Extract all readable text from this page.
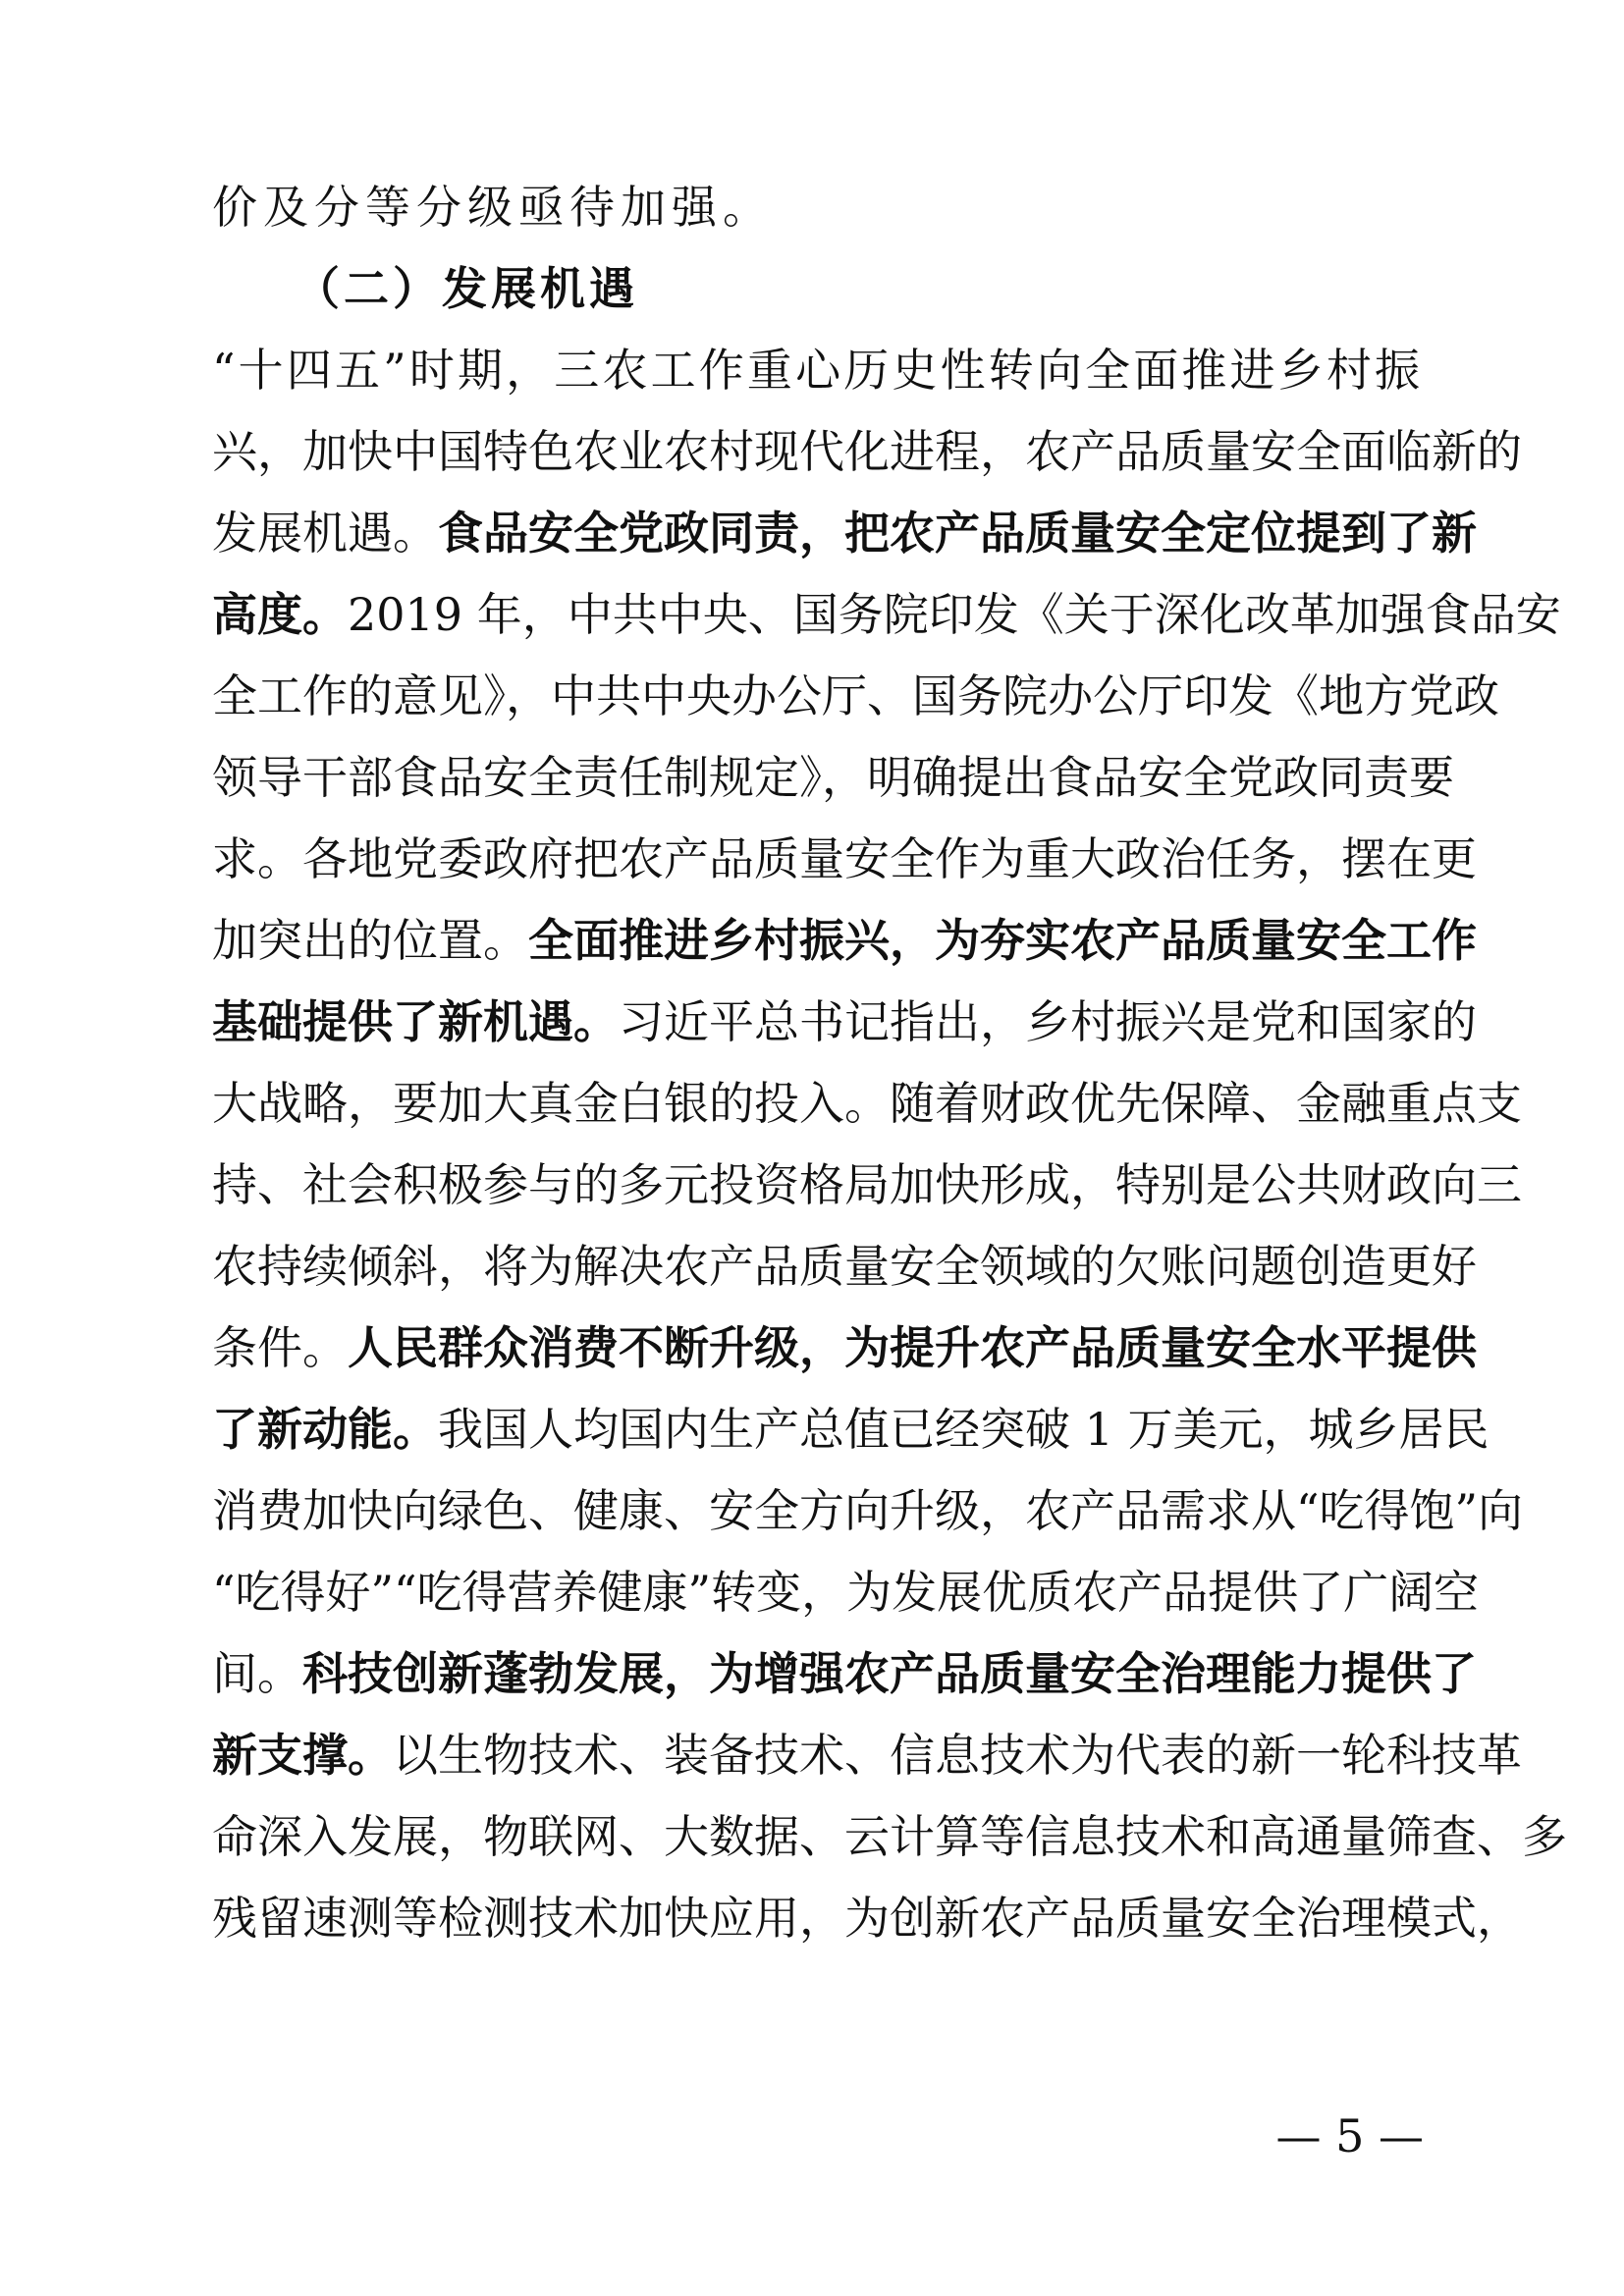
价及分等分级亟待加强。
（二）发展机遇
“十四五”时期，三农工作重心历史性转向全面推进乡村振
兴，加快中国特色农业农村现代化进程，农产品质量安全面临新的
发展机遇。食品安全党政同责，把农产品质量安全定位提到了新
高度。2019 年，中共中央、国务院印发《关于深化改革加强食品安
全工作的意见》，中共中央办公厅、国务院办公厅印发《地方党政
领导干部食品安全责任制规定》，明确提出食品安全党政同责要
求。各地党委政府把农产品质量安全作为重大政治任务，摆在更
加突出的位置。全面推进乡村振兴，为夯实农产品质量安全工作
基础提供了新机遇。习近平总书记指出，乡村振兴是党和国家的
大战略，要加大真金白银的投入。随着财政优先保障、金融重点支
持、社会积极参与的多元投资格局加快形成，特别是公共财政向三
农持续倾斜，将为解决农产品质量安全领域的欠账问题创造更好
条件。人民群众消费不断升级，为提升农产品质量安全水平提供
了新动能。我国人均国内生产总值已经突破 1 万美元，城乡居民
消费加快向绿色、健康、安全方向升级，农产品需求从“吃得饱”向
“吃得好”“吃得营养健康”转变，为发展优质农产品提供了广阔空
间。科技创新蓬勃发展，为增强农产品质量安全治理能力提供了
新支撑。以生物技术、装备技术、信息技术为代表的新一轮科技革
命深入发展，物联网、大数据、云计算等信息技术和高通量筛查、多
残留速测等检测技术加快应用，为创新农产品质量安全治理模式，
— 5 —
